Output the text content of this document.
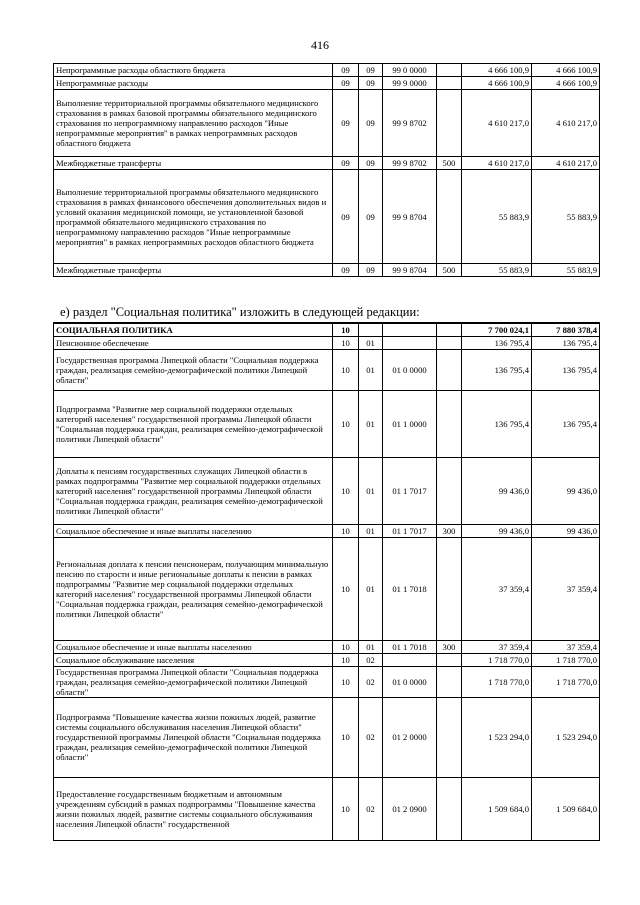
416
Непрограммные расходы областного бюджета	09	09	99 0 0000		4 666 100,9	4 666 100,9
Непрограммные расходы	09	09	99 9 0000		4 666 100,9	4 666 100,9
Выполнение территориальной программы обязательного медицинского страхования в рамках базовой программы обязательного медицинского страхования по непрограммному направлению расходов "Иные непрограммные мероприятия" в рамках непрограммных расходов областного бюджета	09	09	99 9 8702		4 610 217,0	4 610 217,0
Межбюджетные трансферты	09	09	99 9 8702	500	4 610 217,0	4 610 217,0
Выполнение территориальной программы обязательного медицинского страхования в рамках финансового обеспечения дополнительных видов и условий оказания медицинской помощи, не установленной базовой программой обязательного медицинского страхования по непрограммному направлению расходов "Иные непрограммные мероприятия" в рамках непрограммных расходов областного бюджета	09	09	99 9 8704		55 883,9	55 883,9
Межбюджетные трансферты	09	09	99 9 8704	500	55 883,9	55 883,9
е) раздел "Социальная политика" изложить в следующей редакции:
СОЦИАЛЬНАЯ ПОЛИТИКА	10				7 700 024,1	7 880 378,4
Пенсионное обеспечение	10	01			136 795,4	136 795,4
Государственная программа Липецкой области "Социальная поддержка граждан, реализация семейно-демографической политики Липецкой области"	10	01	01 0 0000		136 795,4	136 795,4
Подпрограмма "Развитие мер социальной поддержки отдельных категорий населения" государственной программы Липецкой области "Социальная поддержка граждан, реализация семейно-демографической политики Липецкой области"	10	01	01 1 0000		136 795,4	136 795,4
Доплаты к пенсиям государственных служащих Липецкой области в рамках подпрограммы "Развитие мер социальной поддержки отдельных категорий населения" государственной программы Липецкой области "Социальная поддержка граждан, реализация семейно-демографической политики Липецкой области"	10	01	01 1 7017		99 436,0	99 436,0
Социальное обеспечение и иные выплаты населению	10	01	01 1 7017	300	99 436,0	99 436,0
Региональная доплата к пенсии пенсионерам, получающим минимальную пенсию по старости и иные региональные доплаты к пенсии в рамках подпрограммы "Развитие мер социальной поддержки отдельных категорий населения" государственной программы Липецкой области "Социальная поддержка граждан, реализация семейно-демографической политики Липецкой области"	10	01	01 1 7018		37 359,4	37 359,4
Социальное обеспечение и иные выплаты населению	10	01	01 1 7018	300	37 359,4	37 359,4
Социальное обслуживание населения	10	02			1 718 770,0	1 718 770,0
Государственная программа Липецкой области "Социальная поддержка граждан, реализация семейно-демографической политики Липецкой области"	10	02	01 0 0000		1 718 770,0	1 718 770,0
Подпрограмма "Повышение качества жизни пожилых людей, развитие системы социального обслуживания населения Липецкой области" государственной программы Липецкой области "Социальная поддержка граждан, реализация семейно-демографической политики Липецкой области"	10	02	01 2 0000		1 523 294,0	1 523 294,0
Предоставление государственным бюджетным и автономным учреждениям субсидий в рамках подпрограммы "Повышение качества жизни пожилых людей, развитие системы социального обслуживания населения Липецкой области" государственной	10	02	01 2 0900		1 509 684,0	1 509 684,0
